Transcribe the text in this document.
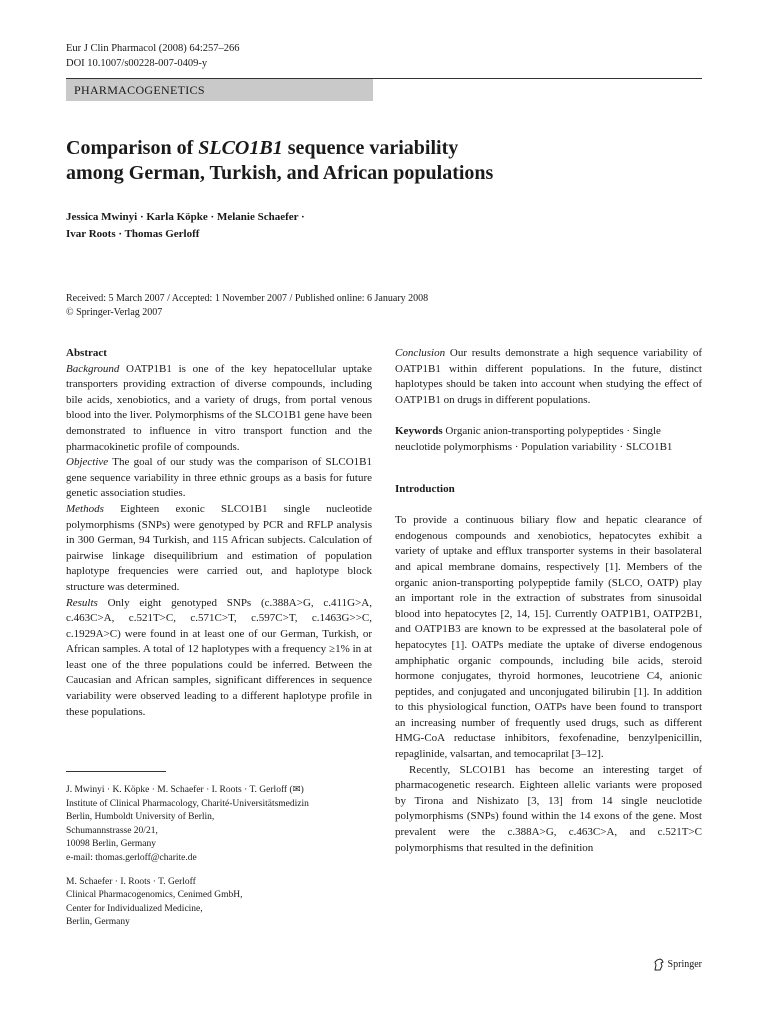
Eur J Clin Pharmacol (2008) 64:257–266
DOI 10.1007/s00228-007-0409-y
PHARMACOGENETICS
Comparison of SLCO1B1 sequence variability
among German, Turkish, and African populations
Jessica Mwinyi · Karla Köpke · Melanie Schaefer ·
Ivar Roots · Thomas Gerloff
Received: 5 March 2007 / Accepted: 1 November 2007 / Published online: 6 January 2008
© Springer-Verlag 2007
Abstract

Background OATP1B1 is one of the key hepatocellular uptake transporters providing extraction of diverse compounds, including bile acids, xenobiotics, and a variety of drugs, from portal venous blood into the liver. Polymorphisms of the SLCO1B1 gene have been demonstrated to influence in vitro transport function and the pharmacokinetic profile of compounds.

Objective The goal of our study was the comparison of SLCO1B1 gene sequence variability in three ethnic groups as a basis for future genetic association studies.

Methods Eighteen exonic SLCO1B1 single nucleotide polymorphisms (SNPs) were genotyped by PCR and RFLP analysis in 300 German, 94 Turkish, and 115 African subjects. Calculation of pairwise linkage disequilibrium and estimation of population haplotype frequencies were carried out, and haplotype block structure was determined.

Results Only eight genotyped SNPs (c.388A>G, c.411G>A, c.463C>A, c.521T>C, c.571C>T, c.597C>T, c.1463G>>C, c.1929A>C) were found in at least one of our German, Turkish, or African samples. A total of 12 haplotypes with a frequency ≥1% in at least one of the three populations could be inferred. Between the Caucasian and African samples, significant differences in sequence variability were observed leading to a different haplotype profile in these populations.

J. Mwinyi · K. Köpke · M. Schaefer · I. Roots · T. Gerloff (✉)
Institute of Clinical Pharmacology, Charité-Universitätsmedizin
Berlin, Humboldt University of Berlin,
Schumannstrasse 20/21,
10098 Berlin, Germany
e-mail: thomas.gerloff@charite.de
M. Schaefer · I. Roots · T. Gerloff
Clinical Pharmacogenomics, Cenimed GmbH,
Center for Individualized Medicine,
Berlin, Germany

Conclusion Our results demonstrate a high sequence variability of OATP1B1 within different populations. In the future, distinct haplotypes should be taken into account when studying the effect of OATP1B1 on drugs in different populations.

Keywords Organic anion-transporting polypeptides · Single neuclotide polymorphisms · Population variability · SLCO1B1

Introduction

To provide a continuous biliary flow and hepatic clearance of endogenous compounds and xenobiotics, hepatocytes exhibit a variety of uptake and efflux transporter systems in their basolateral and apical membrane domains, respectively [1]. Members of the organic anion-transporting polypeptide family (SLCO, OATP) play an important role in the extraction of substrates from sinusoidal blood into hepatocytes [2, 14, 15]. Currently OATP1B1, OATP2B1, and OATP1B3 are known to be expressed at the basolateral pole of hepatocytes [1]. OATPs mediate the uptake of diverse endogenous amphiphatic organic compounds, including bile acids, steroid hormone conjugates, thyroid hormones, leucotriene C4, anionic peptides, and conjugated and unconjugated bilirubin [1]. In addition to this physiological function, OATPs have been found to transport an increasing number of frequently used drugs, such as different HMG-CoA reductase inhibitors, fexofenadine, benzylpenicillin, repaglinide, valsartan, and temocaprilat [3–12].

Recently, SLCO1B1 has become an interesting target of pharmacogenetic research. Eighteen allelic variants were proposed by Tirona and Nishizato [3, 13] from 14 single neuclotide polymorphisms (SNPs) found within the 14 exons of the gene. Most prevalent were the c.388A>G, c.463C>A, and c.521T>C polymorphisms that resulted in the definition

Springer
